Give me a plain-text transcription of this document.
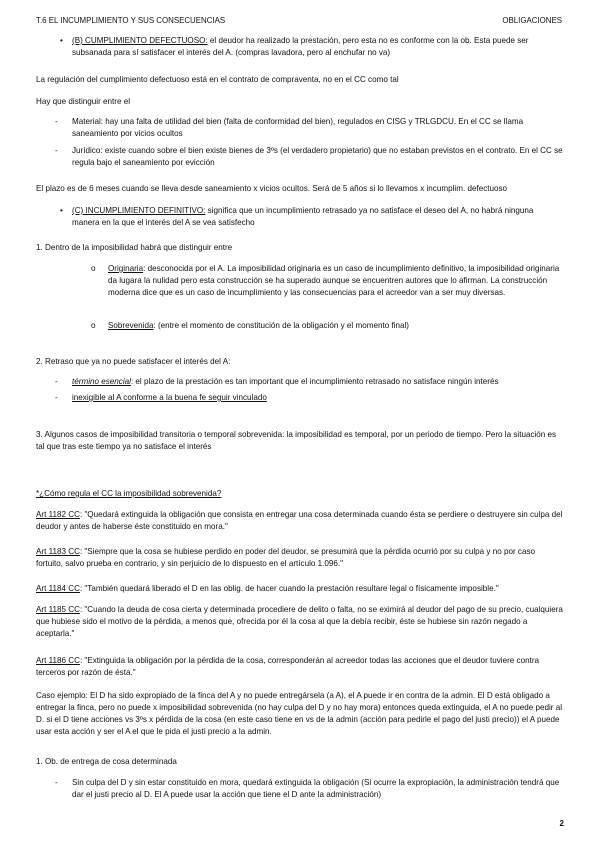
T.6 EL INCUMPLIMIENTO Y SUS CONSECUENCIAS	OBLIGACIONES
•	(B) CUMPLIMIENTO DEFECTUOSO: el deudor ha realizado la prestación, pero esta no es conforme con la ob. Esta puede ser subsanada para sí satisfacer el interés del A. (compras lavadora, pero al enchufar no va)

La regulación del cumplimiento defectuoso está en el contrato de compraventa, no en el CC como tal

Hay que distinguir entre el

-	Material: hay una falta de utilidad del bien (falta de conformidad del bien), regulados en CISG y TRLGDCU. En el CC se llama saneamiento por vicios ocultos

-	Jurídico: existe cuando sobre el bien existe bienes de 3ºs (el verdadero propietario) que no estaban previstos en el contrato. En el CC se regula bajo el saneamiento por evicción

El plazo es de 6 meses cuando se lleva desde saneamiento x vicios ocultos. Será de 5 años si lo llevamos x incumplim. defectuoso

•	(C) INCUMPLIMIENTO DEFINITIVO: significa que un incumplimiento retrasado ya no satisface el deseo del A, no habrá ninguna manera en la que el interés del A se vea satisfecho

1. Dentro de la imposibilidad habrá que distinguir entre

o	Originaria: desconocida por el A. La imposibilidad originaria es un caso de incumplimiento definitivo, la imposibilidad originaria da lugara la nulidad pero esta construcción se ha superado aunque se encuentren autores que lo afirman. La construcción moderna dice que es un caso de incumplimiento y las consecuencias para el acreedor van a ser muy diversas.

o	Sobrevenida: (entre el momento de constitución de la obligación y el momento final)

2. Retraso que ya no puede satisfacer el interés del A:

-	término esencial: el plazo de la prestación es tan important que el incumplimiento retrasado no satisface ningún interés

-	inexigible al A conforme a la buena fe seguir vinculado

3. Algunos casos de imposibilidad transitoria o temporal sobrevenida: la imposibilidad es temporal, por un periodo de tiempo. Pero la situación es tal que tras este tiempo ya no satisface el interés

*¿Cómo regula el CC la imposibilidad sobrevenida?

Art 1182 CC: "Quedará extinguida la obligación que consista en entregar una cosa determinada cuando ésta se perdiere o destruyere sin culpa del deudor y antes de haberse éste constituido en mora."

Art 1183 CC: "Siempre que la cosa se hubiese perdido en poder del deudor, se presumirá que la pérdida ocurrió por su culpa y no por caso fortuito, salvo prueba en contrario, y sin perjuicio de lo dispuesto en el artículo 1.096."

Art 1184 CC: "También quedará liberado el D en las oblig. de hacer cuando la prestación resultare legal o físicamente imposible."

Art 1185 CC: "Cuando la deuda de cosa cierta y determinada procediere de delito o falta, no se eximirá al deudor del pago de su precio, cualquiera que hubiese sido el motivo de la pérdida, a menos que, ofrecida por él la cosa al que la debía recibir, éste se hubiese sin razón negado a aceptarla."

Art 1186 CC: "Extinguida la obligación por la pérdida de la cosa, corresponderán al acreedor todas las acciones que el deudor tuviere contra terceros por razón de ésta."

Caso ejemplo: El D ha sido expropiado de la finca del A y no puede entregársela (a A), el A puede ir en contra de la admin. El D está obligado a entregar la finca, pero no puede x imposibilidad sobrevenida (no hay culpa del D y no hay mora) entonces queda extinguida, el A no puede pedir al D. si el D tiene acciones vs 3ºs x pérdida de la cosa (en este caso tiene en vs de la admin (acción para pedirle el pago del justi precio)) el A puede usar esta acción y ser el A el que le pida el justi precio a la admin.

1. Ob. de entrega de cosa determinada

-	Sin culpa del D y sin estar constituido en mora, quedará extinguida la obligación (Si ocurre la expropiación, la administración tendrá que dar el justi precio al D. El A puede usar la acción que tiene el D ante la administración)

2
